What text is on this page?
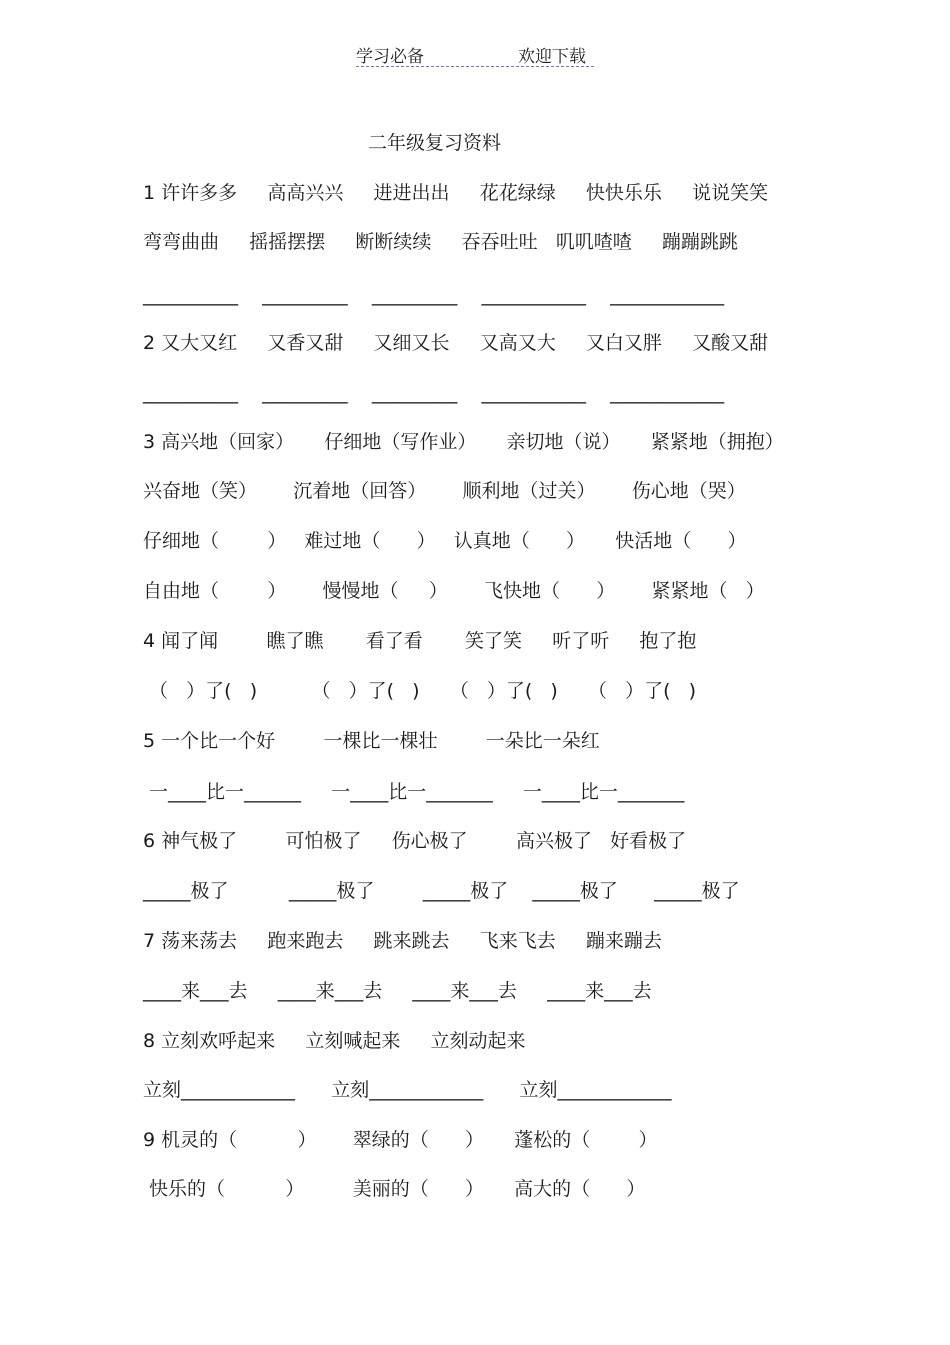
学习必备	欢迎下载
二年级复习资料
1 许许多多     高高兴兴     进进出出     花花绿绿     快快乐乐     说说笑笑
弯弯曲曲     摇摇摆摆     断断续续     吞吞吐吐   叽叽喳喳     蹦蹦跳跳
__________    _________    _________    ___________    ____________
2 又大又红     又香又甜     又细又长     又高又大     又白又胖     又酸又甜
__________    _________    _________    ___________    ____________
3 高兴地（回家）     仔细地（写作业）     亲切地（说）     紧紧地（拥抱）
兴奋地（笑）      沉着地（回答）      顺利地（过关）      伤心地（哭）
仔细地（        ）   难过地（      ）   认真地（      ）     快活地（      ）
自由地（        ）      慢慢地（     ）      飞快地（      ）      紧紧地（   ）
4 闻了闻        瞧了瞧       看了看       笑了笑     听了听     抱了抱
（   ）了(   )         （   ）了(   )     （   ）了(   )     （   ）了(   )
5 一个比一个好        一棵比一棵壮        一朵比一朵红
一____比一______     一____比一_______     一____比一_______
6 神气极了        可怕极了     伤心极了        高兴极了   好看极了
_____极了          _____极了        _____极了    _____极了      _____极了
7 荡来荡去     跑来跑去     跳来跳去     飞来飞去     蹦来蹦去
____来___去     ____来___去     ____来___去     ____来___去
8 立刻欢呼起来     立刻喊起来     立刻动起来
立刻____________      立刻____________      立刻____________
9 机灵的（          ）      翠绿的（      ）     蓬松的（        ）
快乐的（          ）        美丽的（      ）     高大的（      ）
